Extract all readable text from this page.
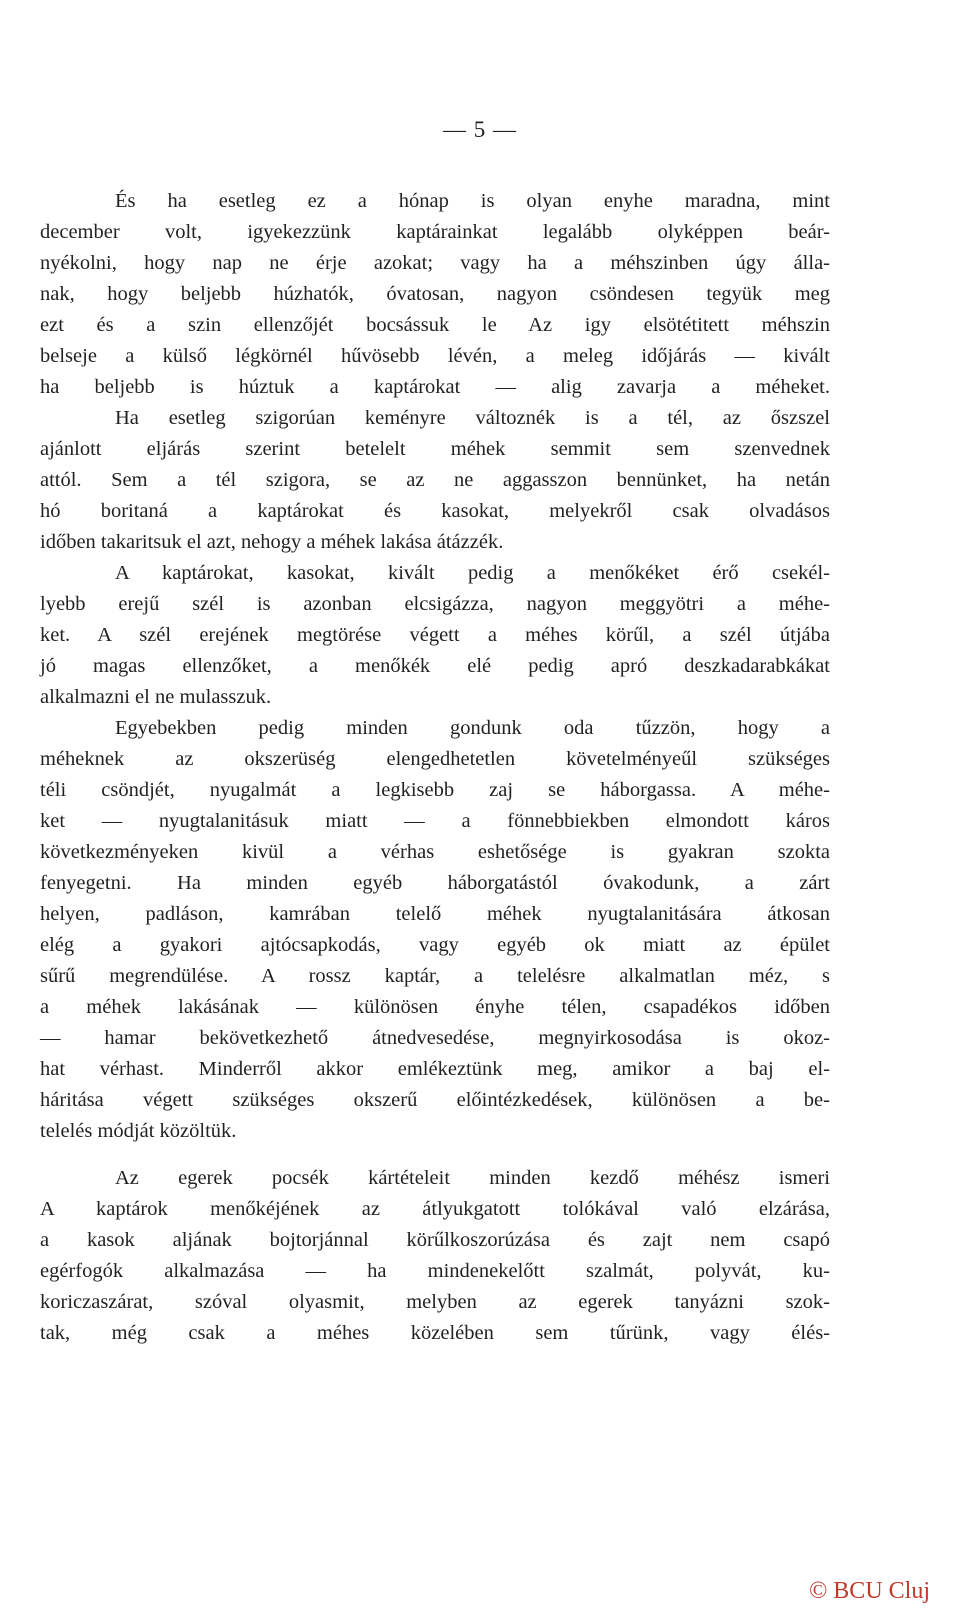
— 5 —
És ha esetleg ez a hónap is olyan enyhe maradna, mint
december volt, igyekezzünk kaptárainkat legalább olyképpen beár-
nyékolni, hogy nap ne érje azokat; vagy ha a méhszinben úgy álla-
nak, hogy beljebb húzhatók, óvatosan, nagyon csöndesen tegyük meg
ezt és a szin ellenzőjét bocsássuk le Az igy elsötétitett méhszin
belseje a külső légkörnél hűvösebb lévén, a meleg időjárás — kivált
ha beljebb is húztuk a kaptárokat — alig zavarja a méheket.
Ha esetleg szigorúan keményre változnék is a tél, az őszszel
ajánlott eljárás szerint betelelt méhek semmit sem szenvednek
attól. Sem a tél szigora, se az ne aggasszon bennünket, ha netán
hó boritaná a kaptárokat és kasokat, melyekről csak olvadásos
időben takaritsuk el azt, nehogy a méhek lakása átázzék.
A kaptárokat, kasokat, kivált pedig a menőkéket érő csekél-
lyebb erejű szél is azonban elcsigázza, nagyon meggyötri a méhe-
ket. A szél erejének megtörése végett a méhes körűl, a szél útjába
jó magas ellenzőket, a menőkék elé pedig apró deszkadarabkákat
alkalmazni el ne mulasszuk.
Egyebekben pedig minden gondunk oda tűzzön, hogy a
méheknek az okszerüség elengedhetetlen követelményeűl szükséges
téli csöndjét, nyugalmát a legkisebb zaj se háborgassa. A méhe-
ket — nyugtalanitásuk miatt — a fönnebbiekben elmondott káros
következményeken kivül a vérhas eshetősége is gyakran szokta
fenyegetni. Ha minden egyéb háborgatástól óvakodunk, a zárt
helyen, padláson, kamrában telelő méhek nyugtalanitására átkosan
elég a gyakori ajtócsapkodás, vagy egyéb ok miatt az épület
sűrű megrendülése. A rossz kaptár, a telelésre alkalmatlan méz, s
a méhek lakásának — különösen ényhe télen, csapadékos időben
— hamar bekövetkezhető átnedvesedése, megnyirkosodása is okoz-
hat vérhast. Minderről akkor emlékeztünk meg, amikor a baj el-
háritása végett szükséges okszerű előintézkedések, különösen a be-
telelés módját közöltük.
Az egerek pocsék kártételeit minden kezdő méhész ismeri
A kaptárok menőkéjének az átlyukgatott tolókával való elzárása,
a kasok aljának bojtorjánnal körűlkoszorúzása és zajt nem csapó
egérfogók alkalmazása — ha mindenekelőtt szalmát, polyvát, ku-
koriczaszárat, szóval olyasmit, melyben az egerek tanyázni szok-
tak, még csak a méhes közelében sem tűrünk, vagy élés-
© BCU Cluj
